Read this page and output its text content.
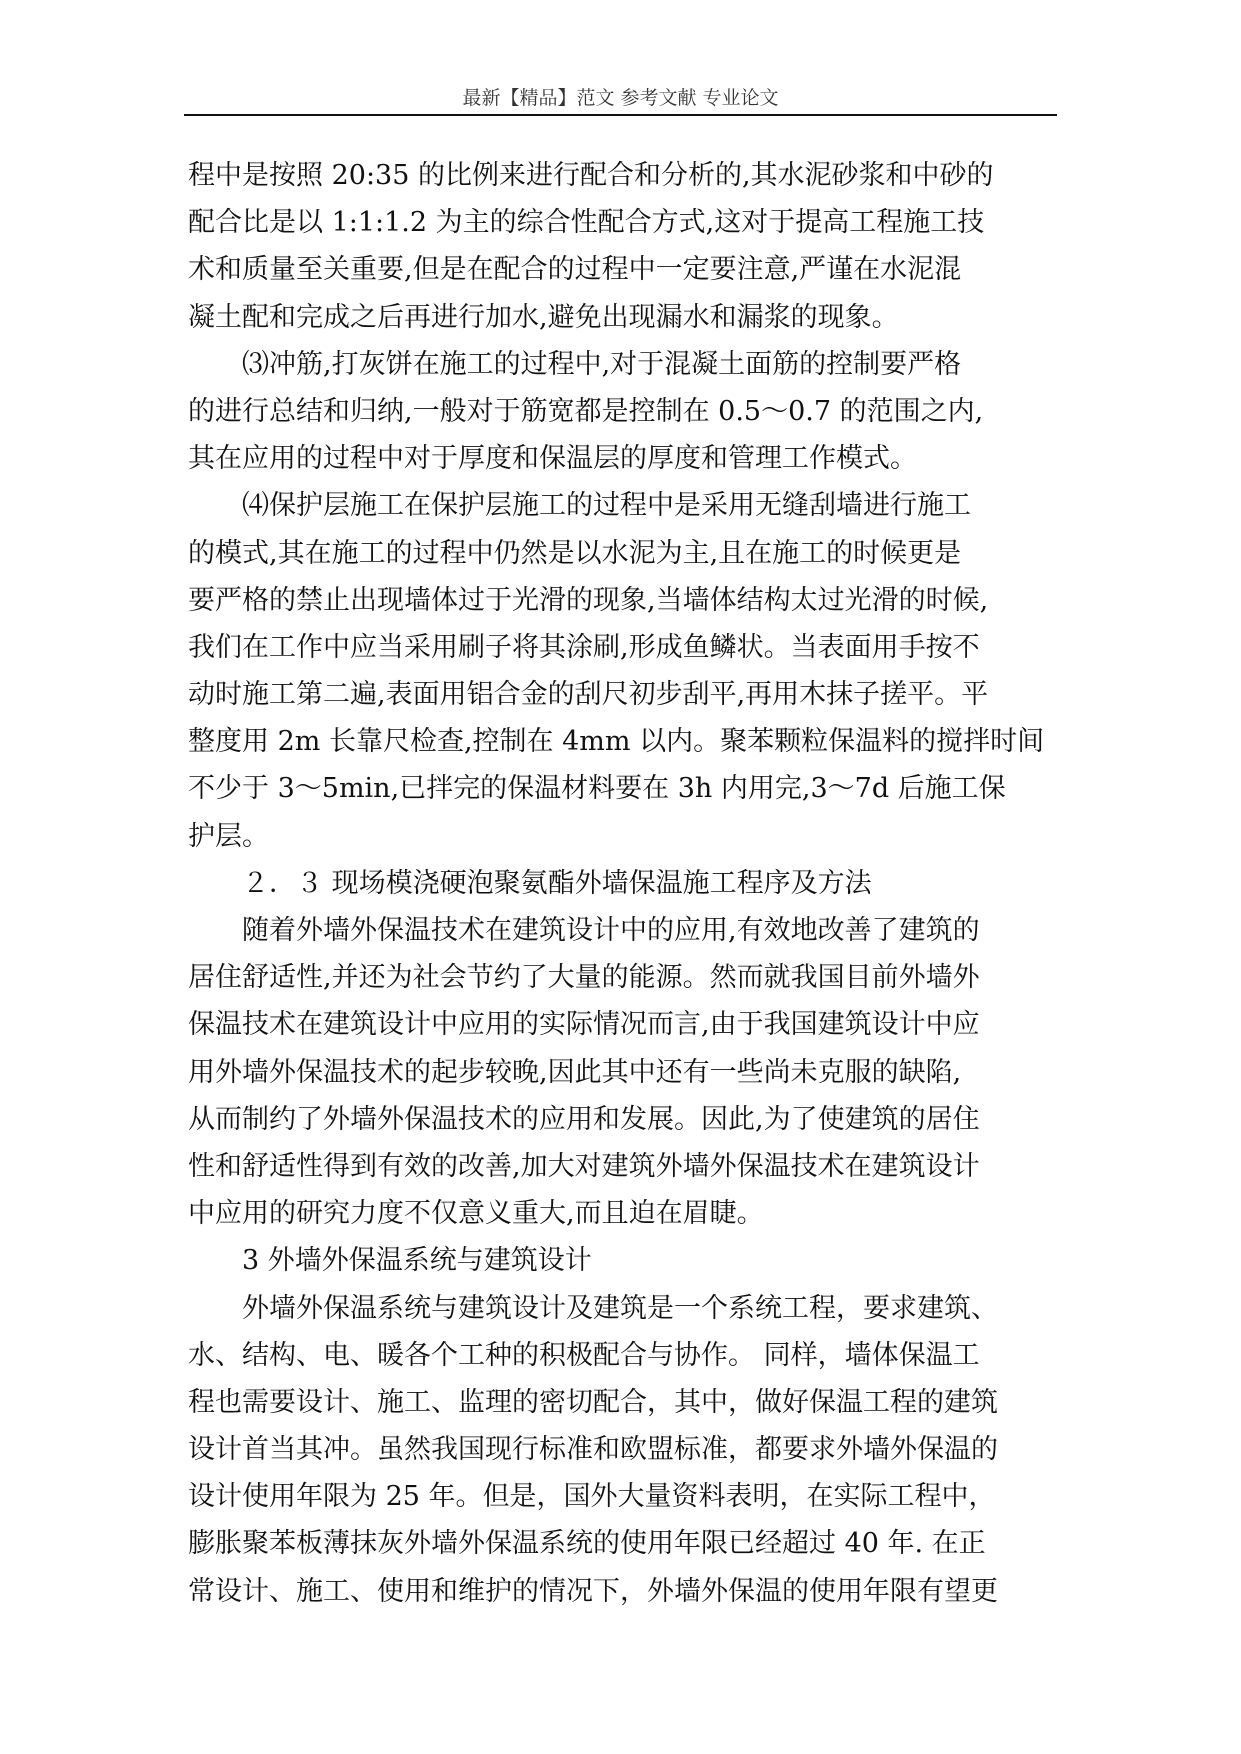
最新【精品】范文 参考文献 专业论文
程中是按照 20:35 的比例来进行配合和分析的,其水泥砂浆和中砂的
配合比是以 1:1:1.2 为主的综合性配合方式,这对于提高工程施工技
术和质量至关重要,但是在配合的过程中一定要注意,严谨在水泥混
凝土配和完成之后再进行加水,避免出现漏水和漏浆的现象。
⑶冲筋,打灰饼在施工的过程中,对于混凝土面筋的控制要严格
的进行总结和归纳,一般对于筋宽都是控制在 0.5～0.7 的范围之内,
其在应用的过程中对于厚度和保温层的厚度和管理工作模式。
⑷保护层施工在保护层施工的过程中是采用无缝刮墙进行施工
的模式,其在施工的过程中仍然是以水泥为主,且在施工的时候更是
要严格的禁止出现墙体过于光滑的现象,当墙体结构太过光滑的时候,
我们在工作中应当采用刷子将其涂刷,形成鱼鳞状。当表面用手按不
动时施工第二遍,表面用铝合金的刮尺初步刮平,再用木抹子搓平。平
整度用 2m 长靠尺检查,控制在 4mm 以内。聚苯颗粒保温料的搅拌时间
不少于 3～5min,已拌完的保温材料要在 3h 内用完,3～7d 后施工保
护层。
２．３ 现场模浇硬泡聚氨酯外墙保温施工程序及方法
随着外墙外保温技术在建筑设计中的应用,有效地改善了建筑的
居住舒适性,并还为社会节约了大量的能源。然而就我国目前外墙外
保温技术在建筑设计中应用的实际情况而言,由于我国建筑设计中应
用外墙外保温技术的起步较晚,因此其中还有一些尚未克服的缺陷,
从而制约了外墙外保温技术的应用和发展。因此,为了使建筑的居住
性和舒适性得到有效的改善,加大对建筑外墙外保温技术在建筑设计
中应用的研究力度不仅意义重大,而且迫在眉睫。
3 外墙外保温系统与建筑设计
外墙外保温系统与建筑设计及建筑是一个系统工程，要求建筑、
水、结构、电、暖各个工种的积极配合与协作。 同样，墙体保温工
程也需要设计、施工、监理的密切配合，其中，做好保温工程的建筑
设计首当其冲。虽然我国现行标准和欧盟标准，都要求外墙外保温的
设计使用年限为 25 年。但是，国外大量资料表明，在实际工程中，
膨胀聚苯板薄抹灰外墙外保温系统的使用年限已经超过 40 年. 在正
常设计、施工、使用和维护的情况下，外墙外保温的使用年限有望更
